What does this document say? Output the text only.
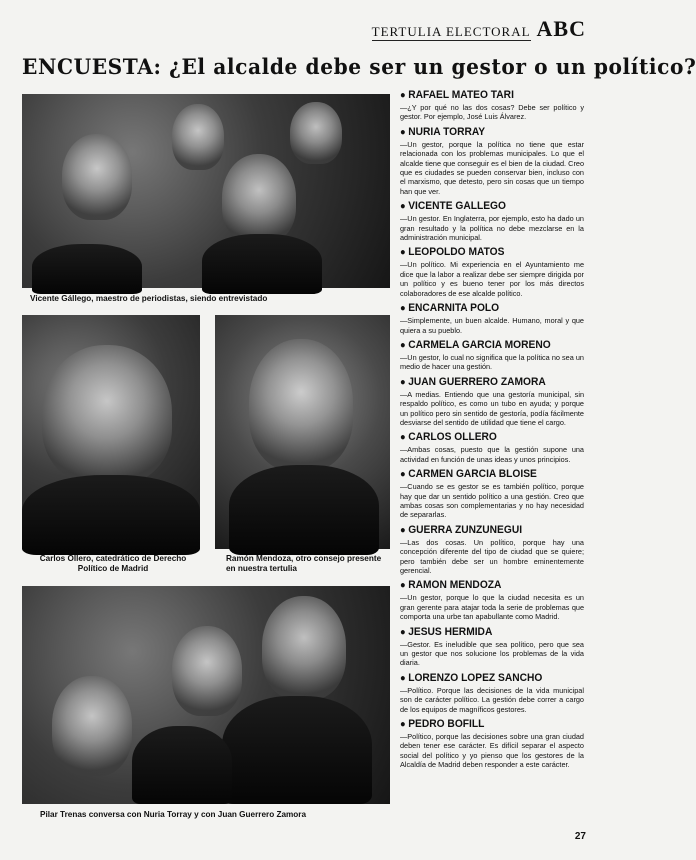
TERTULIA ELECTORAL ABC
ENCUESTA: ¿El alcalde debe ser un gestor o un político?

Vicente Gállego, maestro de periodistas, siendo entrevistado

Carlos Ollero, catedrático de Derecho Político de Madrid

Ramón Mendoza, otro consejo presente en nuestra tertulia

Pilar Trenas conversa con Nuria Torray y con Juan Guerrero Zamora

● RAFAEL MATEO TARI
—¿Y por qué no las dos cosas? Debe ser político y gestor. Por ejemplo, José Luis Álvarez.
● NURIA TORRAY
—Un gestor, porque la política no tiene que estar relacionada con los problemas municipales. Lo que el alcalde tiene que conseguir es el bien de la ciudad. Creo que es ciudades se pueden conservar bien, incluso con el marxismo, que detesto, pero sin cosas que un tiempo han que ver.
● VICENTE GALLEGO
—Un gestor. En Inglaterra, por ejemplo, esto ha dado un gran resultado y la política no debe mezclarse en la administración municipal.
● LEOPOLDO MATOS
—Un político. Mi experiencia en el Ayuntamiento me dice que la labor a realizar debe ser siempre dirigida por un político y es bueno tener por los más directos colaboradores de ese alcalde político.
● ENCARNITA POLO
—Simplemente, un buen alcalde. Humano, moral y que quiera a su pueblo.
● CARMELA GARCIA MORENO
—Un gestor, lo cual no significa que la política no sea un medio de hacer una gestión.
● JUAN GUERRERO ZAMORA
—A medias. Entiendo que una gestoría municipal, sin respaldo político, es como un tubo en ayuda; y porque un político pero sin sentido de gestoría, podía fácilmente desviarse del sentido de utilidad que tiene el cargo.
● CARLOS OLLERO
—Ambas cosas, puesto que la gestión supone una actividad en función de unas ideas y unos principios.
● CARMEN GARCIA BLOISE
—Cuando se es gestor se es también político, porque hay que dar un sentido político a una gestión. Creo que ambas cosas son complementarias y no hay necesidad de separarlas.
● GUERRA ZUNZUNEGUI
—Las dos cosas. Un político, porque hay una concepción diferente del tipo de ciudad que se quiere; pero también debe ser un hombre eminentemente gerencial.
● RAMON MENDOZA
—Un gestor, porque lo que la ciudad necesita es un gran gerente para atajar toda la serie de problemas que comporta una urbe tan apabullante como Madrid.
● JESUS HERMIDA
—Gestor. Es ineludible que sea político, pero que sea un gestor que nos solucione los problemas de la vida diaria.
● LORENZO LOPEZ SANCHO
—Político. Porque las decisiones de la vida municipal son de carácter político. La gestión debe correr a cargo de los equipos de magníficos gestores.
● PEDRO BOFILL
—Político, porque las decisiones sobre una gran ciudad deben tener ese carácter. Es difícil separar el aspecto social del político y yo pienso que los gestores de la Alcaldía de Madrid deben responder a este carácter.
27
